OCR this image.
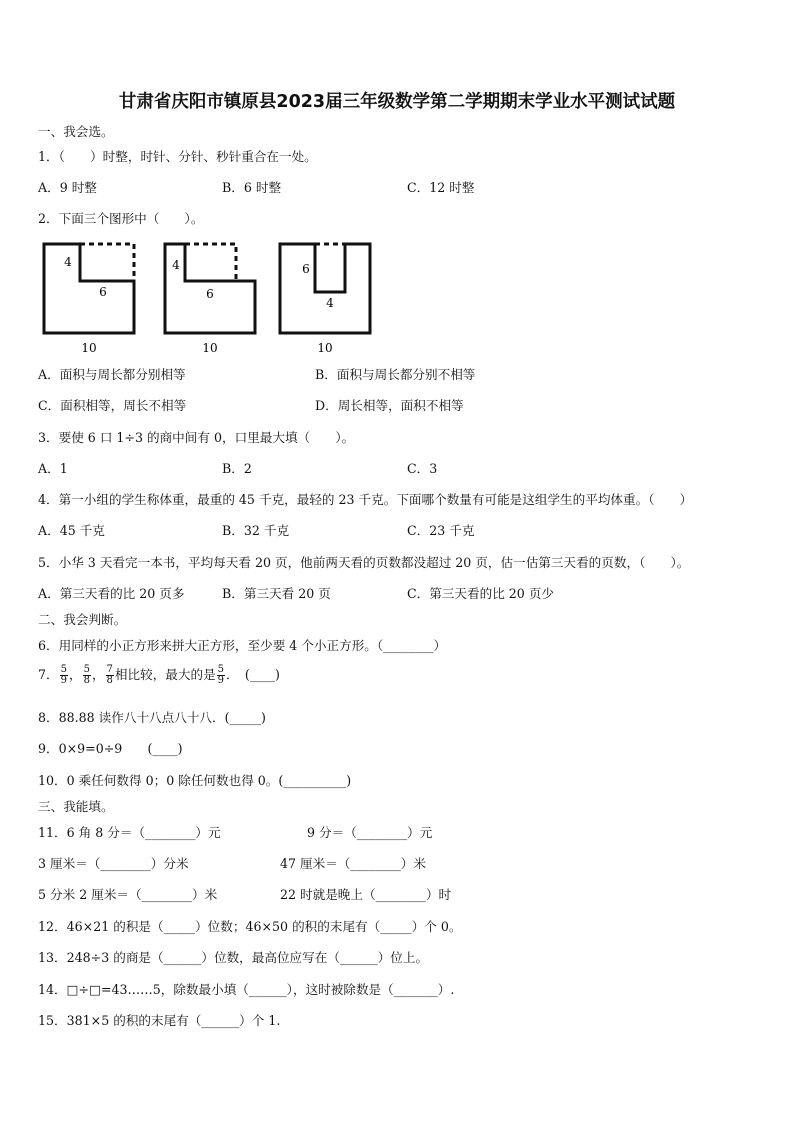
甘肃省庆阳市镇原县2023届三年级数学第二学期期末学业水平测试试题
一、我会选。
1．（　　）时整，时针、分针、秒针重合在一处。
A．9 时整	B．6 时整	C．12 时整
2．下面三个图形中（　　）。
4
6
10
4
6
10
6
4
10
A．面积与周长都分别相等	B．面积与周长都分别不相等
C．面积相等，周长不相等	D．周长相等，面积不相等
3．要使 6 口 1÷3 的商中间有 0，口里最大填（　　）。
A．1	B．2	C．3
4．第一小组的学生称体重，最重的 45 千克，最轻的 23 千克。下面哪个数量有可能是这组学生的平均体重。（　　）
A．45 千克	B．32 千克	C．23 千克
5．小华 3 天看完一本书，平均每天看 20 页，他前两天看的页数都没超过 20 页，估一估第三天看的页数，（　　）。
A．第三天看的比 20 页多	B．第三天看 20 页	C．第三天看的比 20 页少
二、我会判断。
6．用同样的小正方形来拼大正方形，至少要 4 个小正方形。（________）
7． $\frac{5}{9}$ ， $\frac{5}{8}$ ， $\frac{7}{8}$ 相比较，最大的是 $\frac{5}{9}$ ．　(____)
8．88.88 读作八十八点八十八．(_____)
9．0×9=0÷9　　(____)
10．0 乘任何数得 0；0 除任何数也得 0。(__________)
三、我能填。
11．6 角 8 分＝（________）元	9 分＝（________）元
3 厘米＝（________）分米	47 厘米＝（________）米
5 分米 2 厘米＝（________）米	22 时就是晚上（________）时
12．46×21 的积是（_____）位数；46×50 的积的末尾有（_____）个 0。
13．248÷3 的商是（______）位数，最高位应写在（______）位上。
14．□÷□=43……5，除数最小填（______），这时被除数是（_______）.
15．381×5 的积的末尾有（______）个 1.
